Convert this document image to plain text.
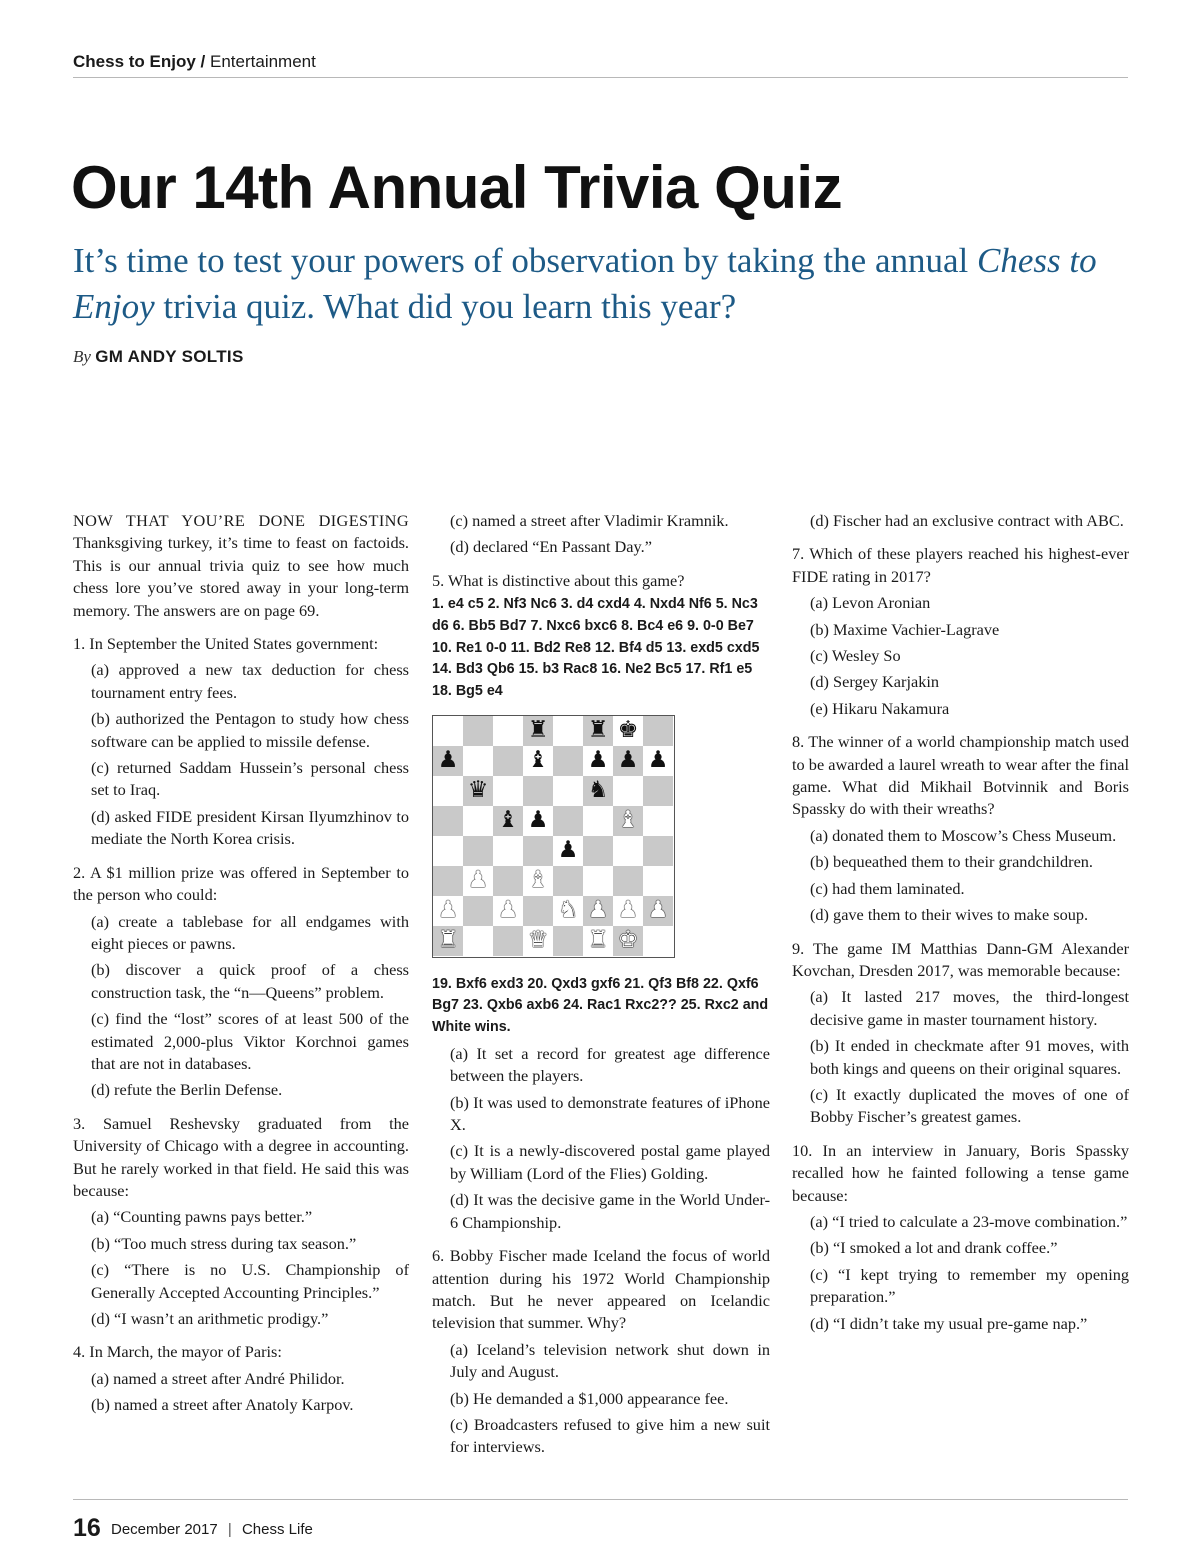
Chess to Enjoy / Entertainment
Our 14th Annual Trivia Quiz
It’s time to test your powers of observation by taking the annual Chess to Enjoy trivia quiz. What did you learn this year?
By GM ANDY SOLTIS

NOW THAT YOU’RE DONE DIGESTING Thanksgiving turkey, it’s time to feast on factoids. This is our annual trivia quiz to see how much chess lore you’ve stored away in your long-term memory. The answers are on page 69.

1. In September the United States government:

(a) approved a new tax deduction for chess tournament entry fees.

(b) authorized the Pentagon to study how chess software can be applied to missile defense.

(c) returned Saddam Hussein’s personal chess set to Iraq.

(d) asked FIDE president Kirsan Ilyumzhinov to mediate the North Korea crisis.

2. A $1 million prize was offered in September to the person who could:

(a) create a tablebase for all endgames with eight pieces or pawns.

(b) discover a quick proof of a chess construction task, the “n—Queens” problem.

(c) find the “lost” scores of at least 500 of the estimated 2,000-plus Viktor Korchnoi games that are not in databases.

(d) refute the Berlin Defense.

3. Samuel Reshevsky graduated from the University of Chicago with a degree in accounting. But he rarely worked in that field. He said this was because:

(a) “Counting pawns pays better.”

(b) “Too much stress during tax season.”

(c) “There is no U.S. Championship of Generally Accepted Accounting Principles.”

(d) “I wasn’t an arithmetic prodigy.”

4. In March, the mayor of Paris:

(a) named a street after André Philidor.

(b) named a street after Anatoly Karpov.

(c) named a street after Vladimir Kramnik.

(d) declared “En Passant Day.”

5. What is distinctive about this game?

1. e4 c5 2. Nf3 Nc6 3. d4 cxd4 4. Nxd4 Nf6 5. Nc3 d6 6. Bb5 Bd7 7. Nxc6 bxc6 8. Bc4 e6 9. 0-0 Be7 10. Re1 0-0 11. Bd2 Re8 12. Bf4 d5 13. exd5 cxd5 14. Bd3 Qb6 15. b3 Rac8 16. Ne2 Bc5 17. Rf1 e5 18. Bg5 e4

♜ ♜ ♚
♟	♝ ♟ ♟ ♟
♛	♞
♝ ♟	♝
♟
♟ ♝
♟ ♟ ♞ ♟ ♟ ♟
♜	♛ ♜ ♚

19. Bxf6 exd3 20. Qxd3 gxf6 21. Qf3 Bf8 22. Qxf6 Bg7 23. Qxb6 axb6 24. Rac1 Rxc2?? 25. Rxc2 and White wins.

(a) It set a record for greatest age difference between the players.

(b) It was used to demonstrate features of iPhone X.

(c) It is a newly-discovered postal game played by William (Lord of the Flies) Golding.

(d) It was the decisive game in the World Under-6 Championship.

6. Bobby Fischer made Iceland the focus of world attention during his 1972 World Championship match. But he never appeared on Icelandic television that summer. Why?

(a) Iceland’s television network shut down in July and August.

(b) He demanded a $1,000 appearance fee.

(c) Broadcasters refused to give him a new suit for interviews.

(d) Fischer had an exclusive contract with ABC.

7. Which of these players reached his highest-ever FIDE rating in 2017?

(a) Levon Aronian

(b) Maxime Vachier-Lagrave

(c) Wesley So

(d) Sergey Karjakin

(e) Hikaru Nakamura

8. The winner of a world championship match used to be awarded a laurel wreath to wear after the final game. What did Mikhail Botvinnik and Boris Spassky do with their wreaths?

(a) donated them to Moscow’s Chess Museum.

(b) bequeathed them to their grandchildren.

(c) had them laminated.

(d) gave them to their wives to make soup.

9. The game IM Matthias Dann-GM Alexander Kovchan, Dresden 2017, was memorable because:

(a) It lasted 217 moves, the third-longest decisive game in master tournament history.

(b) It ended in checkmate after 91 moves, with both kings and queens on their original squares.

(c) It exactly duplicated the moves of one of Bobby Fischer’s greatest games.

10. In an interview in January, Boris Spassky recalled how he fainted following a tense game because:

(a) “I tried to calculate a 23-move combination.”

(b) “I smoked a lot and drank coffee.”

(c) “I kept trying to remember my opening preparation.”

(d) “I didn’t take my usual pre-game nap.”

16 December 2017 | Chess Life
